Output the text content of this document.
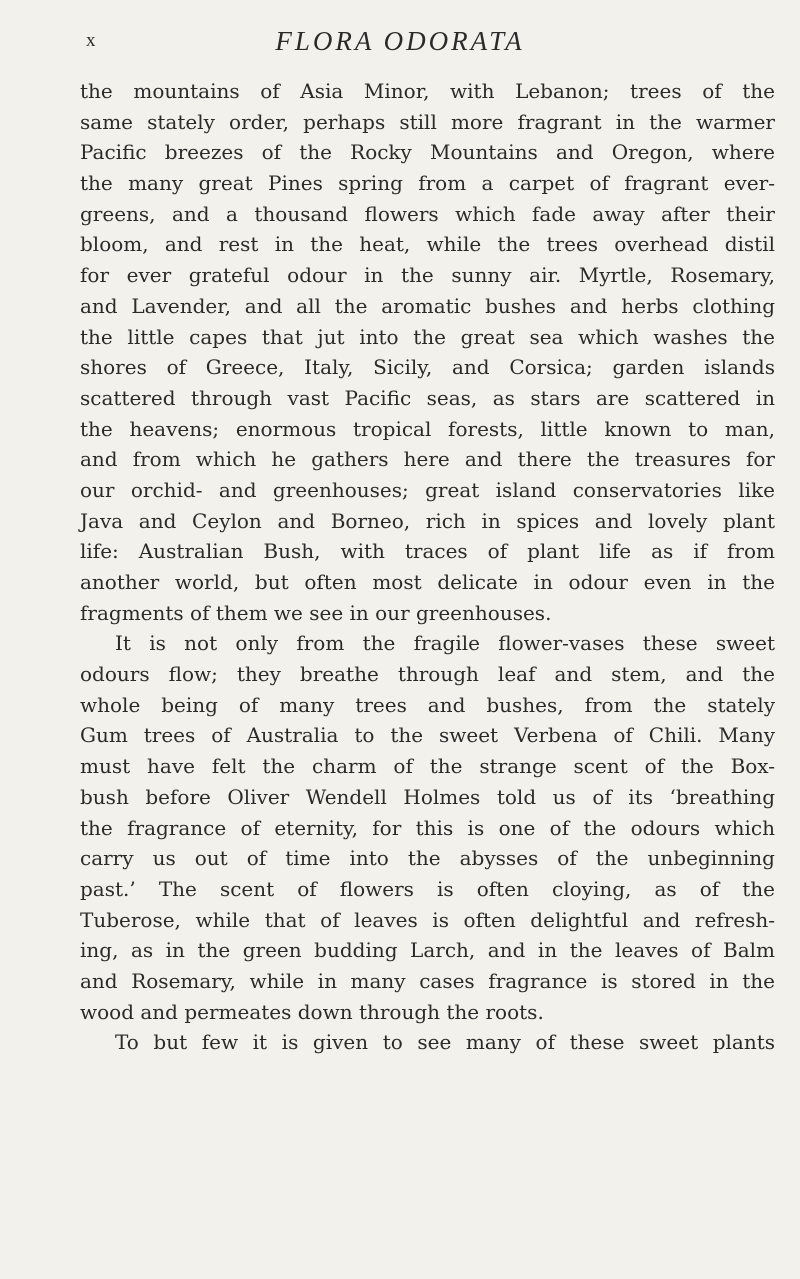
x	FLORA ODORATA
the mountains of Asia Minor, with Lebanon; trees of the
same stately order, perhaps still more fragrant in the warmer
Pacific breezes of the Rocky Mountains and Oregon, where
the many great Pines spring from a carpet of fragrant ever-
greens, and a thousand flowers which fade away after their
bloom, and rest in the heat, while the trees overhead distil
for ever grateful odour in the sunny air. Myrtle, Rosemary,
and Lavender, and all the aromatic bushes and herbs clothing
the little capes that jut into the great sea which washes the
shores of Greece, Italy, Sicily, and Corsica; garden islands
scattered through vast Pacific seas, as stars are scattered in
the heavens; enormous tropical forests, little known to man,
and from which he gathers here and there the treasures for
our orchid- and greenhouses; great island conservatories like
Java and Ceylon and Borneo, rich in spices and lovely plant
life: Australian Bush, with traces of plant life as if from
another world, but often most delicate in odour even in the
fragments of them we see in our greenhouses.
It is not only from the fragile flower-vases these sweet
odours flow; they breathe through leaf and stem, and the
whole being of many trees and bushes, from the stately
Gum trees of Australia to the sweet Verbena of Chili. Many
must have felt the charm of the strange scent of the Box-
bush before Oliver Wendell Holmes told us of its ‘breathing
the fragrance of eternity, for this is one of the odours which
carry us out of time into the abysses of the unbeginning
past.’ The scent of flowers is often cloying, as of the
Tuberose, while that of leaves is often delightful and refresh-
ing, as in the green budding Larch, and in the leaves of Balm
and Rosemary, while in many cases fragrance is stored in the
wood and permeates down through the roots.
To but few it is given to see many of these sweet plants
